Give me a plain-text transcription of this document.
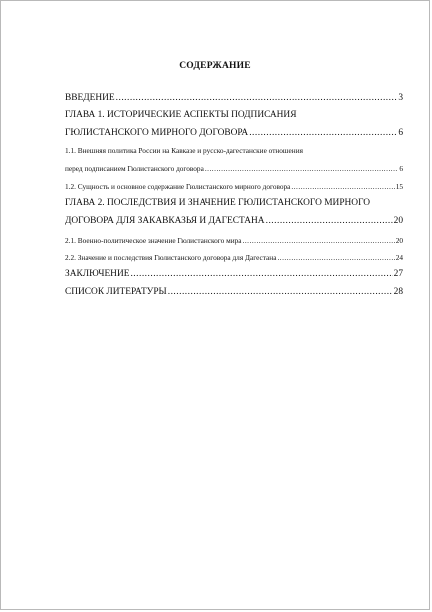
СОДЕРЖАНИЕ
ВВЕДЕНИЕ .....	3
ГЛАВА 1. ИСТОРИЧЕСКИЕ АСПЕКТЫ ПОДПИСАНИЯ
ГЮЛИСТАНСКОГО МИРНОГО ДОГОВОРА .....	6
1.1. Внешняя политика России на Кавказе и русско-дагестанские отношения
перед подписанием Гюлистанского договора .....	6
1.2. Сущность и основное содержание Гюлистанского мирного договора .....	15
ГЛАВА 2. ПОСЛЕДСТВИЯ И ЗНАЧЕНИЕ ГЮЛИСТАНСКОГО МИРНОГО
ДОГОВОРА ДЛЯ ЗАКАВКАЗЬЯ И ДАГЕСТАНА .....	20
2.1. Военно-политическое значение Гюлистанского мира .....	20
2.2. Значение и последствия Гюлистанского договора для Дагестана .....	24
ЗАКЛЮЧЕНИЕ .....	27
СПИСОК ЛИТЕРАТУРЫ .....	28
